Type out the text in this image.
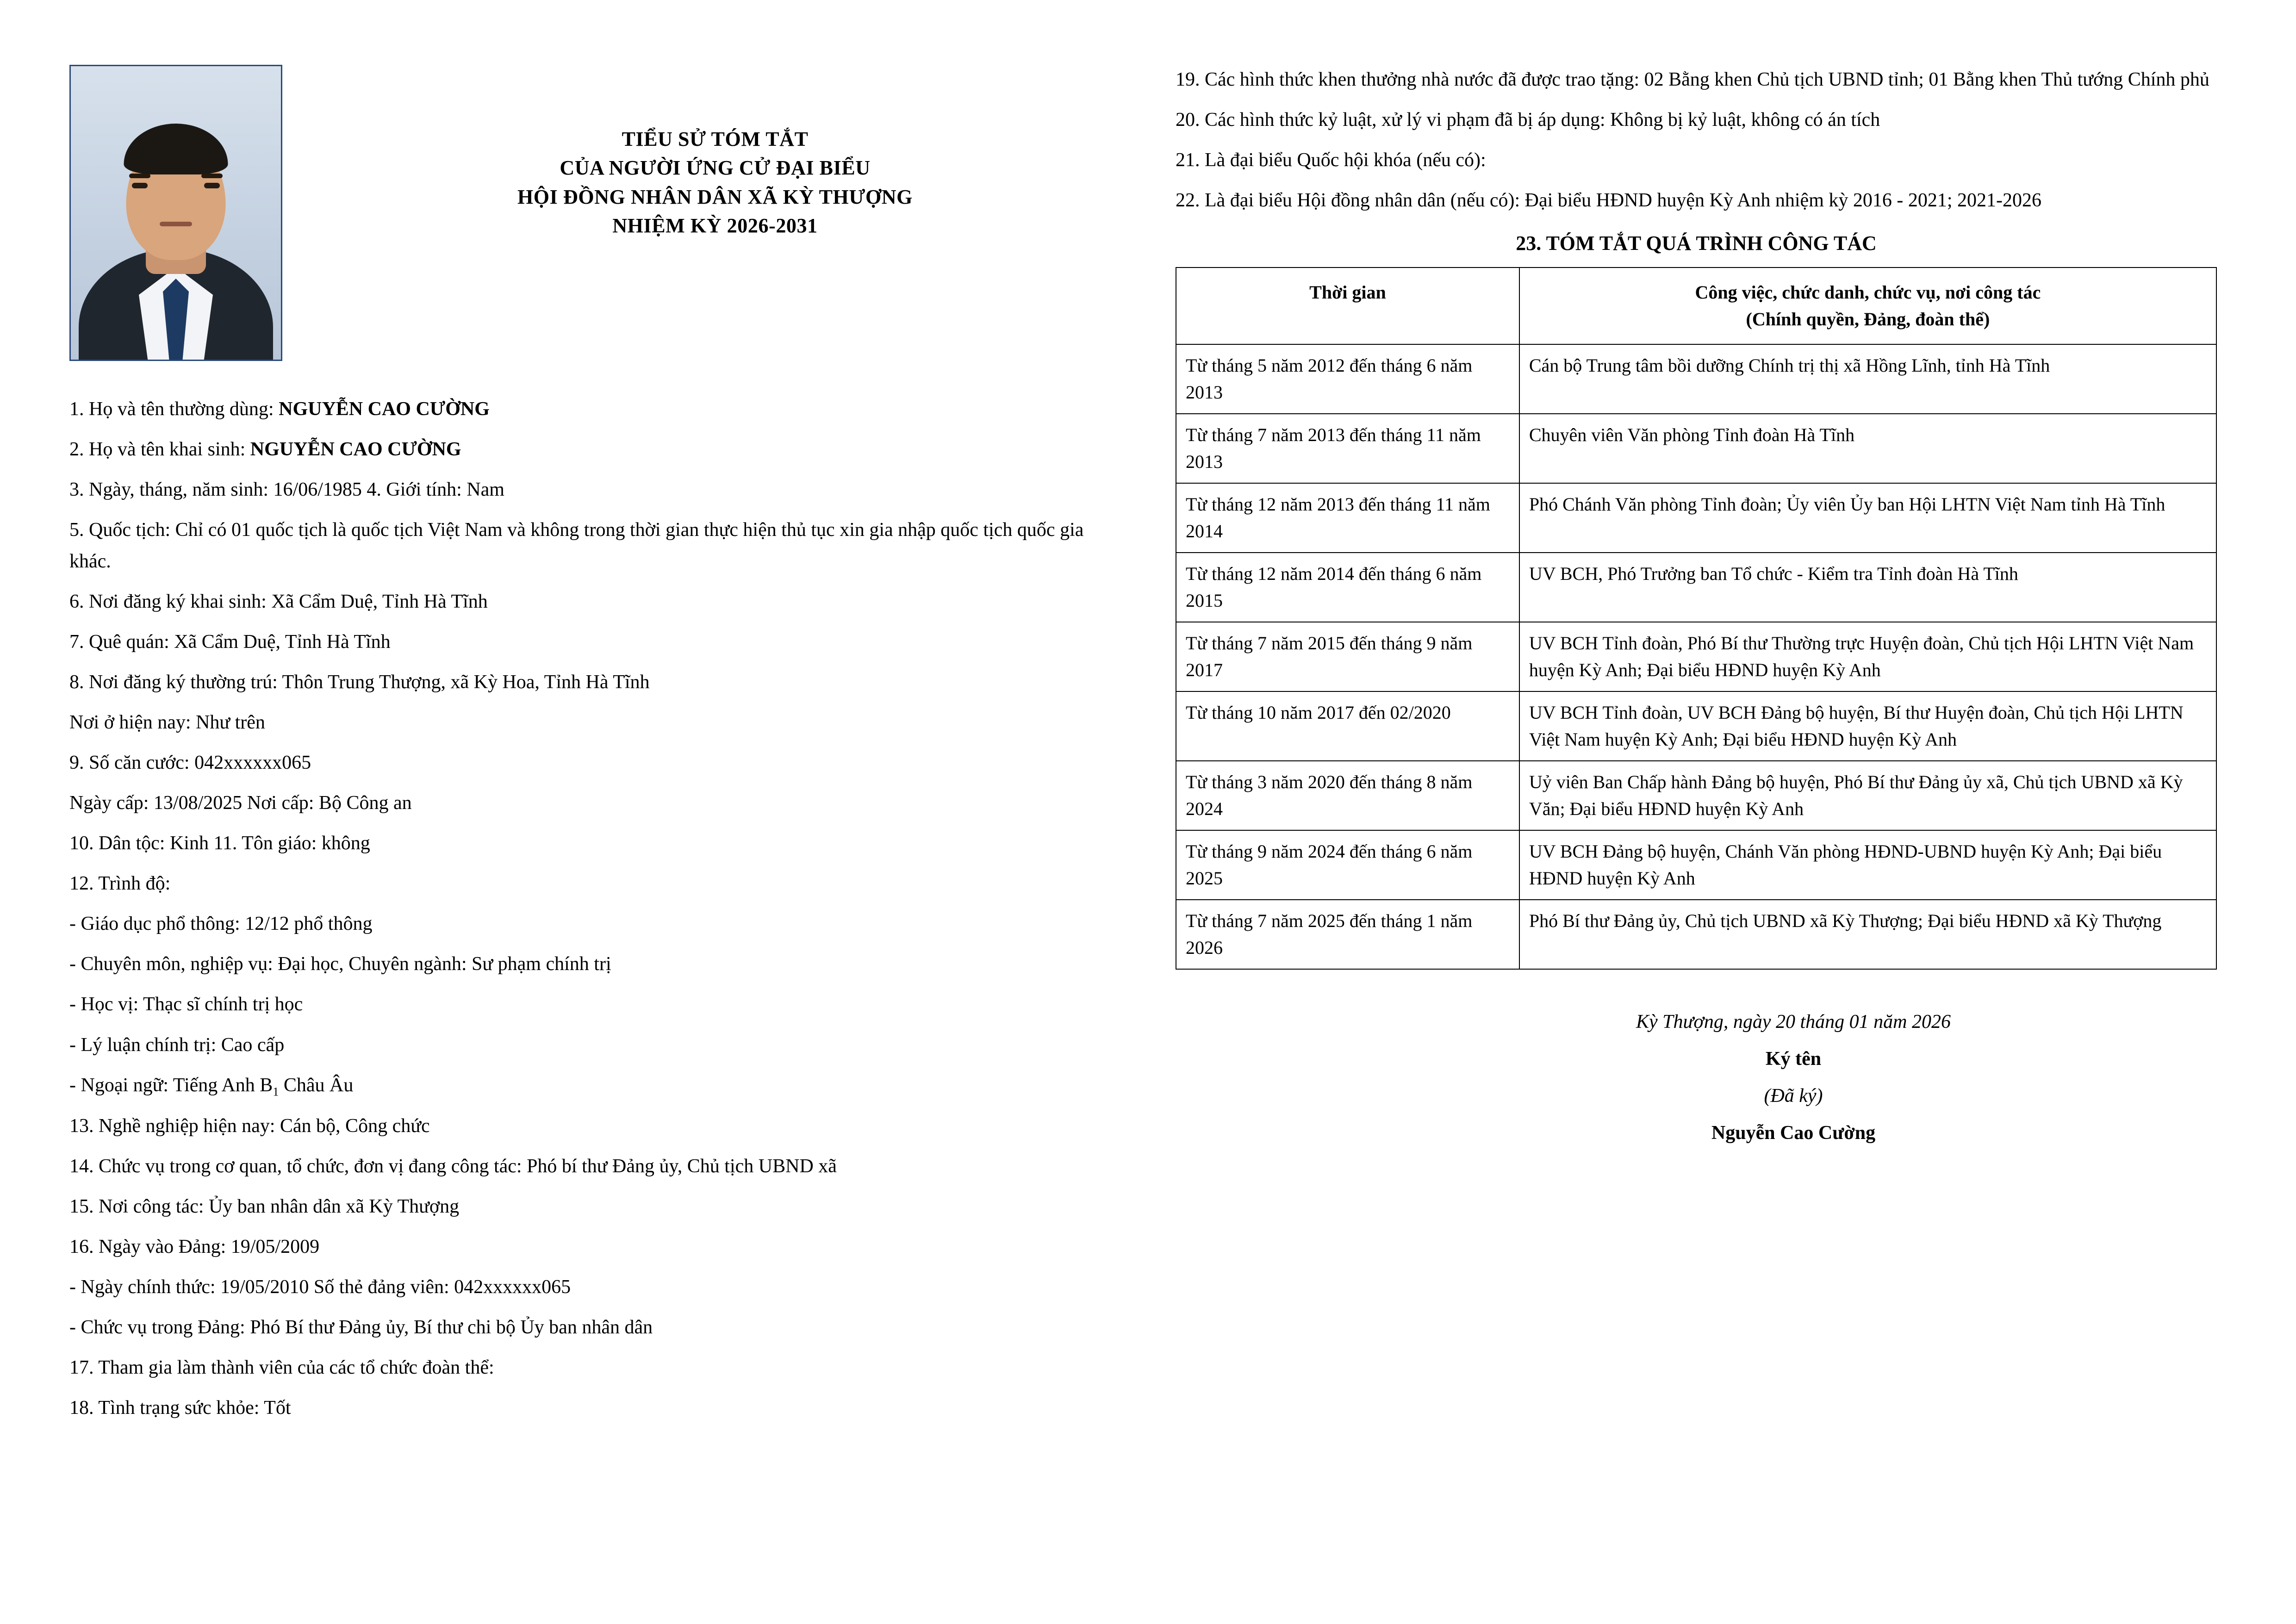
TIỂU SỬ TÓM TẮT
CỦA NGƯỜI ỨNG CỬ ĐẠI BIỂU
HỘI ĐỒNG NHÂN DÂN XÃ KỲ THƯỢNG
NHIỆM KỲ 2026-2031

1. Họ và tên thường dùng: NGUYỄN CAO CƯỜNG

2. Họ và tên khai sinh: NGUYỄN CAO CƯỜNG

3. Ngày, tháng, năm sinh: 16/06/1985 4. Giới tính: Nam

5. Quốc tịch: Chỉ có 01 quốc tịch là quốc tịch Việt Nam và không trong thời gian thực hiện thủ tục xin gia nhập quốc tịch quốc gia khác.

6. Nơi đăng ký khai sinh: Xã Cẩm Duệ, Tỉnh Hà Tĩnh

7. Quê quán: Xã Cẩm Duệ, Tỉnh Hà Tĩnh

8. Nơi đăng ký thường trú: Thôn Trung Thượng, xã Kỳ Hoa, Tỉnh Hà Tĩnh

Nơi ở hiện nay: Như trên

9. Số căn cước: 042xxxxxx065

Ngày cấp: 13/08/2025 Nơi cấp: Bộ Công an

10. Dân tộc: Kinh 11. Tôn giáo: không

12. Trình độ:

- Giáo dục phổ thông: 12/12 phổ thông

- Chuyên môn, nghiệp vụ: Đại học, Chuyên ngành: Sư phạm chính trị

- Học vị: Thạc sĩ chính trị học

- Lý luận chính trị: Cao cấp

- Ngoại ngữ: Tiếng Anh $B_1$ Châu Âu

13. Nghề nghiệp hiện nay: Cán bộ, Công chức

14. Chức vụ trong cơ quan, tổ chức, đơn vị đang công tác: Phó bí thư Đảng ủy, Chủ tịch UBND xã

15. Nơi công tác: Ủy ban nhân dân xã Kỳ Thượng

16. Ngày vào Đảng: 19/05/2009

- Ngày chính thức: 19/05/2010 Số thẻ đảng viên: 042xxxxxx065

- Chức vụ trong Đảng: Phó Bí thư Đảng ủy, Bí thư chi bộ Ủy ban nhân dân

17. Tham gia làm thành viên của các tổ chức đoàn thể:

18. Tình trạng sức khỏe: Tốt

19. Các hình thức khen thưởng nhà nước đã được trao tặng: 02 Bằng khen Chủ tịch UBND tỉnh; 01 Bằng khen Thủ tướng Chính phủ

20. Các hình thức kỷ luật, xử lý vi phạm đã bị áp dụng: Không bị kỷ luật, không có án tích

21. Là đại biểu Quốc hội khóa (nếu có):

22. Là đại biểu Hội đồng nhân dân (nếu có): Đại biểu HĐND huyện Kỳ Anh nhiệm kỳ 2016 - 2021; 2021-2026

23. TÓM TẮT QUÁ TRÌNH CÔNG TÁC
Thời gian	Công việc, chức danh, chức vụ, nơi công tác
(Chính quyền, Đảng, đoàn thể)

Từ tháng 5 năm 2012 đến tháng 6 năm 2013	Cán bộ Trung tâm bồi dưỡng Chính trị thị xã Hồng Lĩnh, tỉnh Hà Tĩnh
Từ tháng 7 năm 2013 đến tháng 11 năm 2013	Chuyên viên Văn phòng Tỉnh đoàn Hà Tĩnh
Từ tháng 12 năm 2013 đến tháng 11 năm 2014	Phó Chánh Văn phòng Tỉnh đoàn; Ủy viên Ủy ban Hội LHTN Việt Nam tỉnh Hà Tĩnh
Từ tháng 12 năm 2014 đến tháng 6 năm 2015	UV BCH, Phó Trưởng ban Tổ chức - Kiểm tra Tỉnh đoàn Hà Tĩnh
Từ tháng 7 năm 2015 đến tháng 9 năm 2017	UV BCH Tỉnh đoàn, Phó Bí thư Thường trực Huyện đoàn, Chủ tịch Hội LHTN Việt Nam huyện Kỳ Anh; Đại biểu HĐND huyện Kỳ Anh
Từ tháng 10 năm 2017 đến 02/2020	UV BCH Tỉnh đoàn, UV BCH Đảng bộ huyện, Bí thư Huyện đoàn, Chủ tịch Hội LHTN Việt Nam huyện Kỳ Anh; Đại biểu HĐND huyện Kỳ Anh
Từ tháng 3 năm 2020 đến tháng 8 năm 2024	Uỷ viên Ban Chấp hành Đảng bộ huyện, Phó Bí thư Đảng ủy xã, Chủ tịch UBND xã Kỳ Văn; Đại biểu HĐND huyện Kỳ Anh
Từ tháng 9 năm 2024 đến tháng 6 năm 2025	UV BCH Đảng bộ huyện, Chánh Văn phòng HĐND-UBND huyện Kỳ Anh; Đại biểu HĐND huyện Kỳ Anh
Từ tháng 7 năm 2025 đến tháng 1 năm 2026	Phó Bí thư Đảng ủy, Chủ tịch UBND xã Kỳ Thượng; Đại biểu HĐND xã Kỳ Thượng
Kỳ Thượng, ngày 20 tháng 01 năm 2026
Ký tên
(Đã ký)
Nguyễn Cao Cường
